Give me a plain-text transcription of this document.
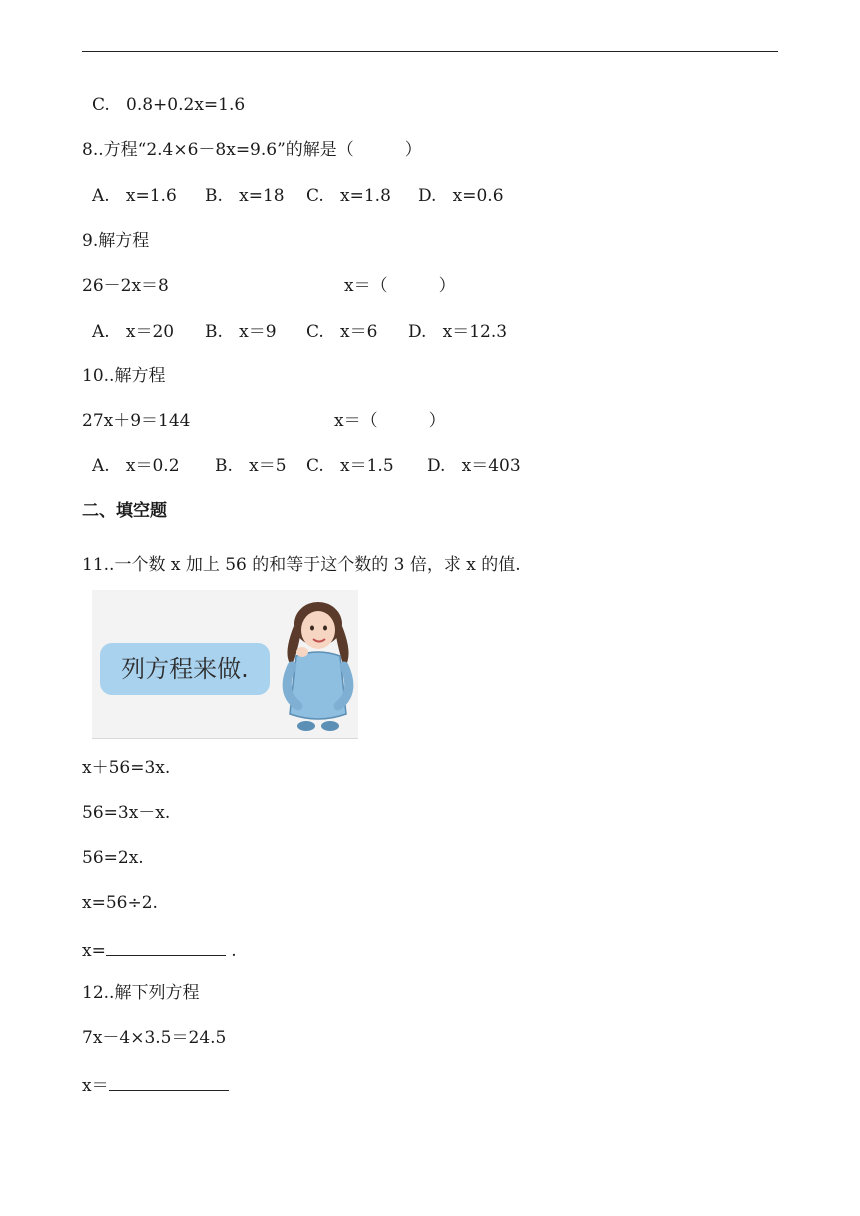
C.   0.8+0.2x=1.6
8..方程“2.4×6－8x=9.6”的解是（　　　）
A.   x=1.6 B.   x=18 C.   x=1.8 D.   x=0.6
9.解方程
26－2x＝8	x＝（　　　）
A.   x＝20 B.   x＝9 C.   x＝6 D.   x＝12.3
10..解方程
27x＋9＝144	x＝（　　　）
A.   x＝0.2 B.   x＝5 C.   x＝1.5 D.   x＝403
二、填空题
11..一个数 x 加上 56 的和等于这个数的 3 倍，求 x 的值.
列方程来做.
x＋56=3x.
56=3x－x.
56=2x.
x=56÷2.
x=	.
12..解下列方程
7x－4×3.5＝24.5
x＝
